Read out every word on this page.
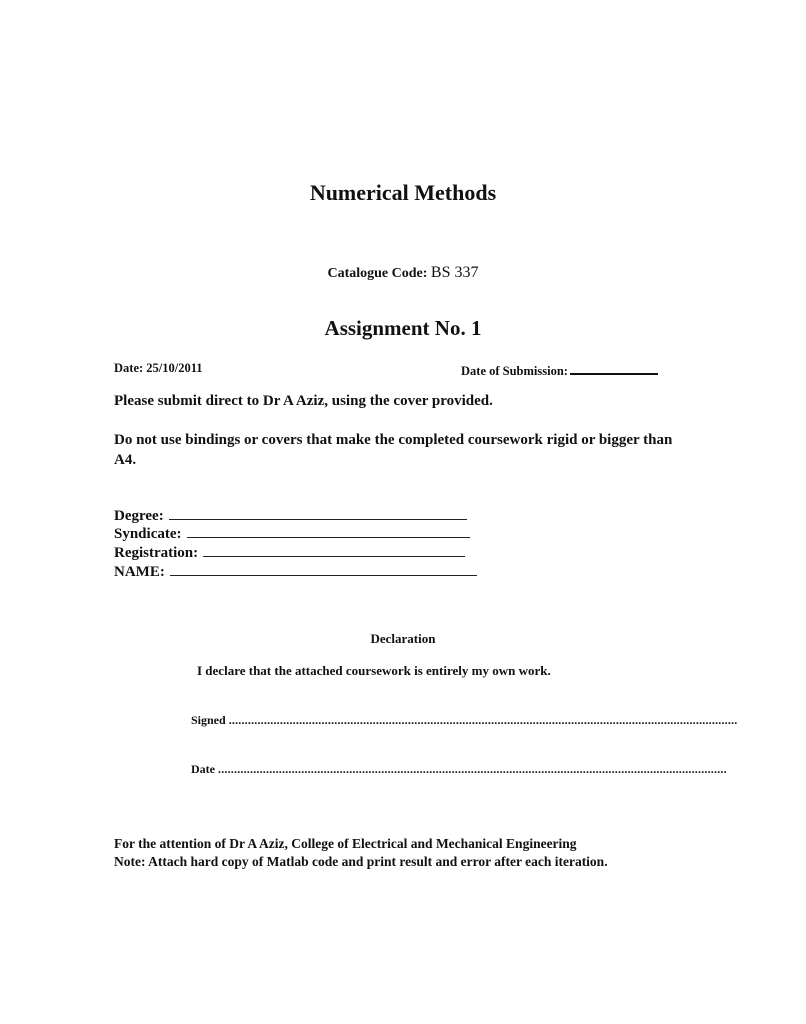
Numerical Methods
Catalogue Code: BS 337
Assignment No. 1
Date: 25/10/2011	Date of Submission:
Please submit direct to Dr A Aziz, using the cover provided.
Do not use bindings or covers that make the completed coursework rigid or bigger than A4.
Degree:
Syndicate:
Registration:
NAME:
Declaration
I declare that the attached coursework is entirely my own work.
Signed ...............................................................................................................................................................
Date ...............................................................................................................................................................
For the attention of Dr A Aziz, College of Electrical and Mechanical Engineering
Note: Attach hard copy of Matlab code and print result and error after each iteration.
